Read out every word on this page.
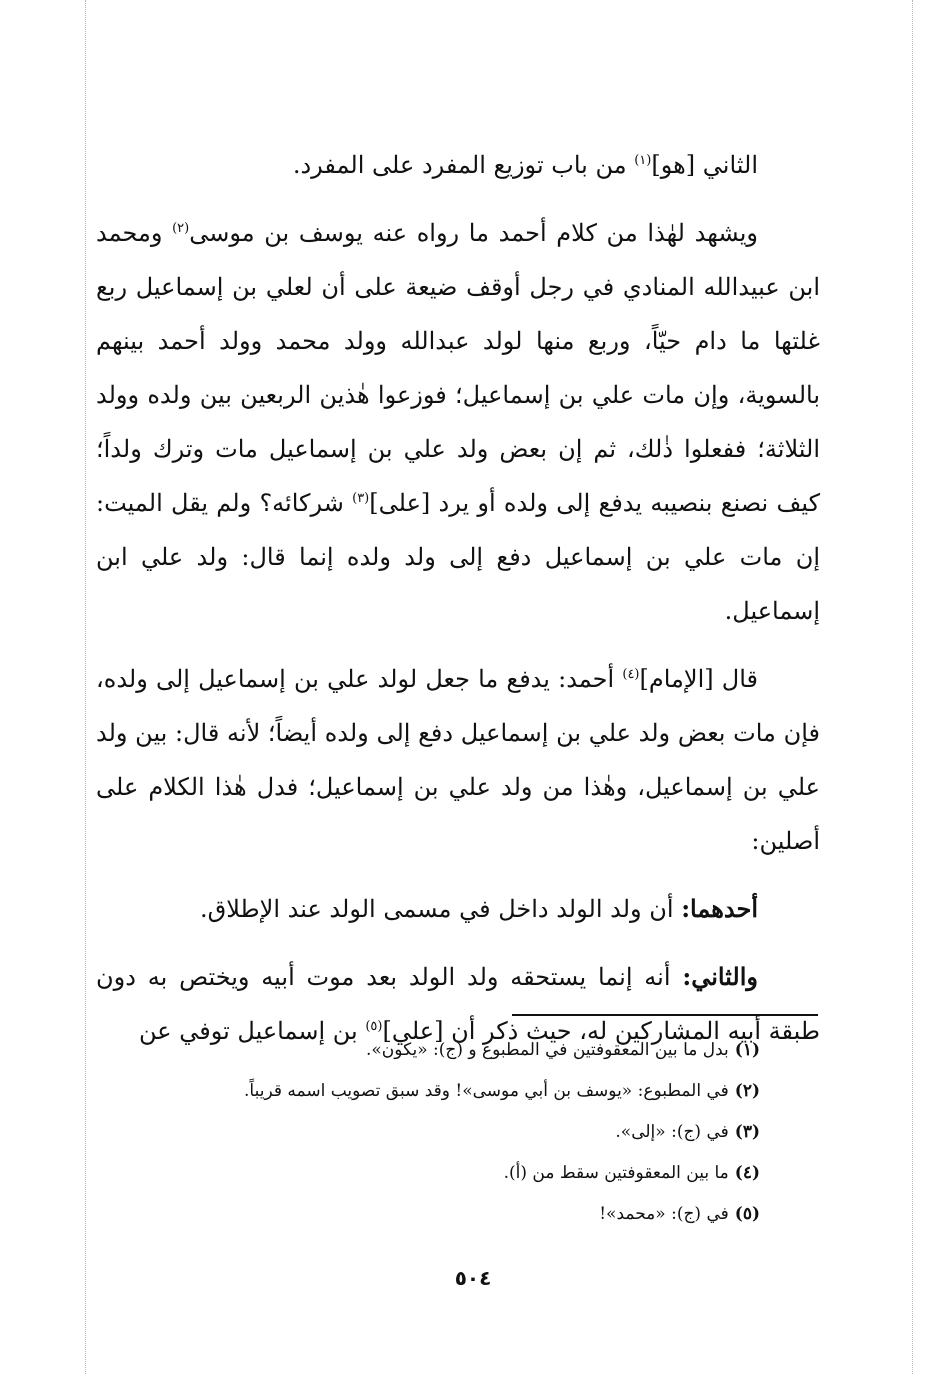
الثاني [هو]$^{(١)}$ من باب توزيع المفرد على المفرد.

ويشهد لهٰذا من كلام أحمد ما رواه عنه يوسف بن موسى$^{(٢)}$ ومحمد ابن عبيدالله المنادي في رجل أوقف ضيعة على أن لعلي بن إسماعيل ربع غلتها ما دام حيّاً، وربع منها لولد عبدالله وولد محمد وولد أحمد بينهم بالسوية، وإن مات علي بن إسماعيل؛ فوزعوا هٰذين الربعين بين ولده وولد الثلاثة؛ ففعلوا ذٰلك، ثم إن بعض ولد علي بن إسماعيل مات وترك ولداً؛ كيف نصنع بنصيبه يدفع إلى ولده أو يرد [على]$^{(٣)}$ شركائه؟ ولم يقل الميت: إن مات علي بن إسماعيل دفع إلى ولد ولده إنما قال: ولد علي ابن إسماعيل.

قال [الإمام]$^{(٤)}$ أحمد: يدفع ما جعل لولد علي بن إسماعيل إلى ولده، فإن مات بعض ولد علي بن إسماعيل دفع إلى ولده أيضاً؛ لأنه قال: بين ولد علي بن إسماعيل، وهٰذا من ولد علي بن إسماعيل؛ فدل هٰذا الكلام على أصلين:

أحدهما: أن ولد الولد داخل في مسمى الولد عند الإطلاق.

والثاني: أنه إنما يستحقه ولد الولد بعد موت أبيه ويختص به دون طبقة أبيه المشاركين له، حيث ذكر أن [علي]$^{(٥)}$ بن إسماعيل توفي عن

(١)بدل ما بين المعقوفتين في المطبوع و (ج): «يكون».
(٢)في المطبوع: «يوسف بن أبي موسى»! وقد سبق تصويب اسمه قريباً.
(٣)في (ج): «إلى».
(٤)ما بين المعقوفتين سقط من (أ).
(٥)في (ج): «محمد»!
٥٠٤
